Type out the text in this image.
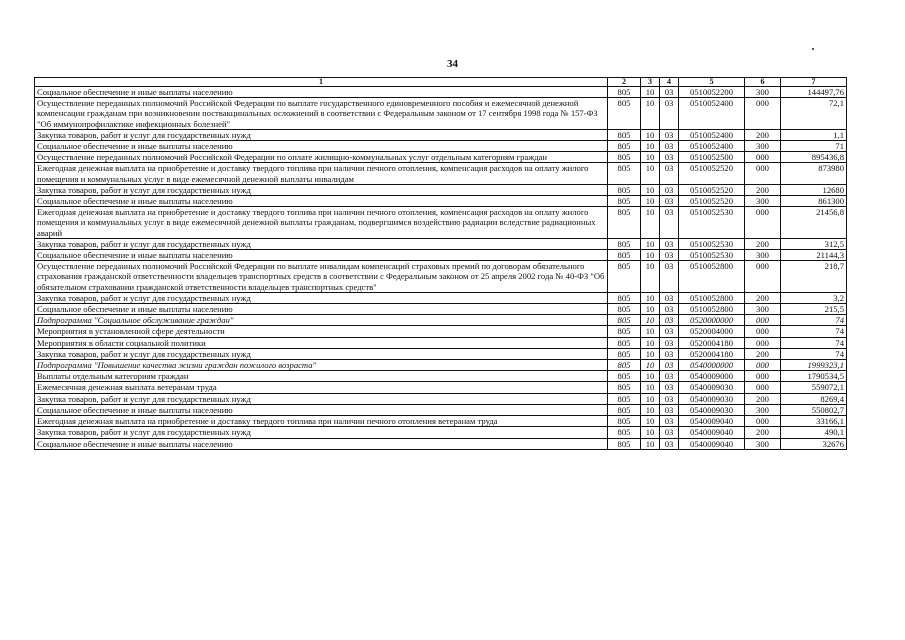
34
1	2	3	4	5	6	7
Социальное обеспечение и иные выплаты населению	805	10	03	0510052200	300	144497,76
Осуществление переданных полномочий Российской Федерации по выплате государственного единовременного пособия и ежемесячной денежной компенсации гражданам при возникновении поствакцинальных осложнений в соответствии с Федеральным законом от 17 сентября 1998 года № 157-ФЗ "Об иммунопрофилактике инфекционных болезней"	805	10	03	0510052400	000	72,1
Закупка товаров, работ и услуг для государственных нужд	805	10	03	0510052400	200	1,1
Социальное обеспечение и иные выплаты населению	805	10	03	0510052400	300	71
Осуществление переданных полномочий Российской Федерации по оплате жилищно-коммунальных услуг отдельным категориям граждан	805	10	03	0510052500	000	895436,8
Ежегодная денежная выплата на приобретение и доставку твердого топлива при наличии печного отопления, компенсация расходов на оплату жилого помещения и коммунальных услуг в виде ежемесячной денежной выплаты инвалидам	805	10	03	0510052520	000	873980
Закупка товаров, работ и услуг для государственных нужд	805	10	03	0510052520	200	12680
Социальное обеспечение и иные выплаты населению	805	10	03	0510052520	300	861300
Ежегодная денежная выплата на приобретение и доставку твердого топлива при наличии печного отопления, компенсация расходов на оплату жилого помещения и коммунальных услуг в виде ежемесячной денежной выплаты гражданам, подвергшимся воздействию радиации вследствие радиационных аварий	805	10	03	0510052530	000	21456,8
Закупка товаров, работ и услуг для государственных нужд	805	10	03	0510052530	200	312,5
Социальное обеспечение и иные выплаты населению	805	10	03	0510052530	300	21144,3
Осуществление переданных полномочий Российской Федерации по выплате инвалидам компенсаций страховых премий по договорам обязательного страхования гражданской ответственности владельцев транспортных средств в соответствии с Федеральным законом от 25 апреля 2002 года № 40-ФЗ "Об обязательном страховании гражданской ответственности владельцев транспортных средств"	805	10	03	0510052800	000	218,7
Закупка товаров, работ и услуг для государственных нужд	805	10	03	0510052800	200	3,2
Социальное обеспечение и иные выплаты населению	805	10	03	0510052800	300	215,5
Подпрограмма "Социальное обслуживание граждан"	805	10	03	0520000000	000	74
Мероприятия в установленной сфере деятельности	805	10	03	0520004000	000	74
Мероприятия в области социальной политики	805	10	03	0520004180	000	74
Закупка товаров, работ и услуг для государственных нужд	805	10	03	0520004180	200	74
Подпрограмма "Повышение качества жизни граждан пожилого возраста"	805	10	03	0540000000	000	1999323,1
Выплаты отдельным категориям граждан	805	10	03	0540009000	000	1790534,5
Ежемесячная денежная выплата ветеранам труда	805	10	03	0540009030	000	559072,1
Закупка товаров, работ и услуг для государственных нужд	805	10	03	0540009030	200	8269,4
Социальное обеспечение и иные выплаты населению	805	10	03	0540009030	300	550802,7
Ежегодная денежная выплата на приобретение и доставку твердого топлива при наличии печного отопления ветеранам труда	805	10	03	0540009040	000	33166,1
Закупка товаров, работ и услуг для государственных нужд	805	10	03	0540009040	200	490,1
Социальное обеспечение и иные выплаты населению	805	10	03	0540009040	300	32676
